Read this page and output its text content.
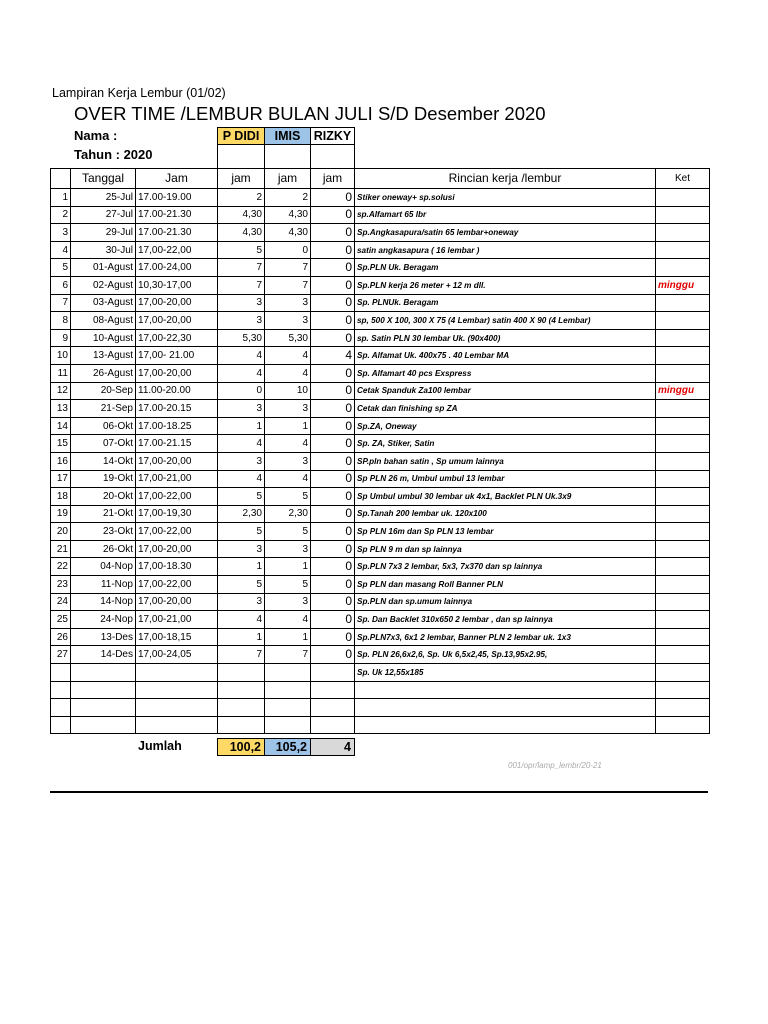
Lampiran Kerja Lembur (01/02)
OVER TIME /LEMBUR BULAN JULI S/D Desember 2020
Nama :
Tahun : 2020
P DIDI	IMIS	RIZKY
	Tanggal	Jam	jam	jam	jam	Rincian kerja /lembur	Ket
1	25-Jul	17.00-19.00	2	2	0	Stiker oneway+ sp.solusi	
2	27-Jul	17.00-21.30	4,30	4,30	0	sp.Alfamart 65 lbr	
3	29-Jul	17.00-21.30	4,30	4,30	0	Sp.Angkasapura/satin 65 lembar+oneway	
4	30-Jul	17,00-22,00	5	0	0	satin angkasapura ( 16 lembar )	
5	01-Agust	17.00-24,00	7	7	0	Sp.PLN Uk. Beragam	
6	02-Agust	10,30-17,00	7	7	0	Sp.PLN kerja 26 meter + 12 m dll.	minggu
7	03-Agust	17,00-20,00	3	3	0	Sp. PLNUk. Beragam	
8	08-Agust	17,00-20,00	3	3	0	sp, 500 X 100, 300 X 75 (4 Lembar) satin 400 X 90 (4 Lembar)	
9	10-Agust	17,00-22,30	5,30	5,30	0	sp. Satin PLN 30 lembar Uk. (90x400)	
10	13-Agust	17,00- 21.00	4	4	4	Sp. Alfamat Uk. 400x75 . 40 Lembar MA	
11	26-Agust	17,00-20,00	4	4	0	Sp. Alfamart 40 pcs Exspress	
12	20-Sep	11.00-20.00	0	10	0	Cetak Spanduk Za100 lembar	minggu
13	21-Sep	17.00-20.15	3	3	0	Cetak dan finishing sp ZA	
14	06-Okt	17.00-18.25	1	1	0	Sp.ZA, Oneway	
15	07-Okt	17.00-21.15	4	4	0	Sp. ZA, Stiker, Satin	
16	14-Okt	17,00-20,00	3	3	0	SP.pln bahan satin , Sp umum lainnya	
17	19-Okt	17,00-21,00	4	4	0	Sp PLN 26 m, Umbul umbul 13 lembar	
18	20-Okt	17,00-22,00	5	5	0	Sp Umbul umbul 30 lembar uk 4x1, Backlet PLN Uk.3x9	
19	21-Okt	17,00-19,30	2,30	2,30	0	Sp.Tanah 200 lembar uk. 120x100	
20	23-Okt	17,00-22,00	5	5	0	Sp PLN 16m dan Sp PLN 13 lembar	
21	26-Okt	17,00-20,00	3	3	0	Sp PLN 9 m dan sp lainnya	
22	04-Nop	17,00-18.30	1	1	0	Sp.PLN 7x3 2 lembar, 5x3, 7x370 dan sp lainnya	
23	11-Nop	17,00-22,00	5	5	0	Sp PLN dan masang Roll Banner PLN	
24	14-Nop	17,00-20,00	3	3	0	Sp.PLN dan sp.umum lainnya	
25	24-Nop	17,00-21,00	4	4	0	Sp. Dan Backlet 310x650 2 lembar , dan sp lainnya	
26	13-Des	17,00-18,15	1	1	0	Sp.PLN7x3, 6x1 2 lembar, Banner PLN 2 lembar uk. 1x3	
27	14-Des	17,00-24,05	7	7	0	Sp. PLN 26,6x2,6, Sp. Uk 6,5x2,45, Sp.13,95x2.95,	
						Sp. Uk 12,55x185	

Jumlah	100,2	105,2	4
001/opr/lamp_lembr/20-21
